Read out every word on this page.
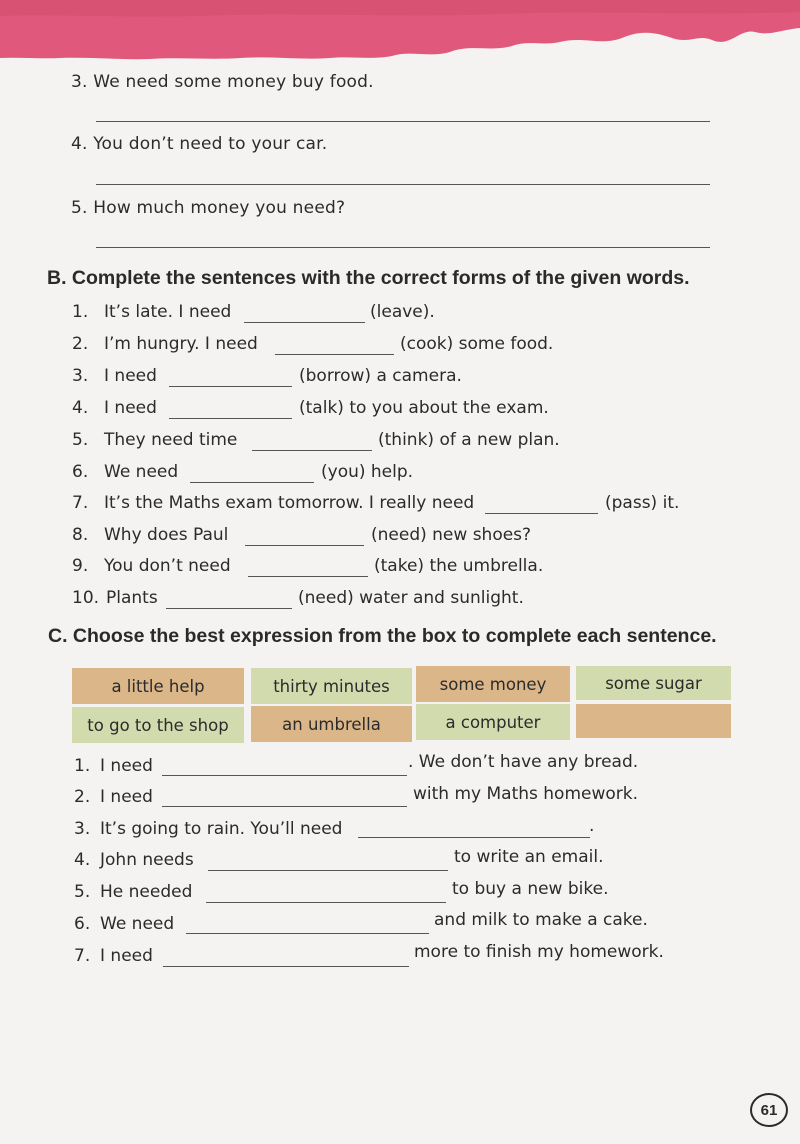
3. We need some money buy food.
4. You don’t need to your car.
5. How much money you need?
B. Complete the sentences with the correct forms of the given words.
1. It’s late. I need	(leave).
2. I’m hungry. I need	(cook) some food.
3. I need	(borrow) a camera.
4. I need	(talk) to you about the exam.
5. They need time	(think) of a new plan.
6. We need	(you) help.
7. It’s the Maths exam tomorrow. I really need	(pass) it.
8. Why does Paul	(need) new shoes?
9. You don’t need	(take) the umbrella.
10. Plants	(need) water and sunlight.
C. Choose the best expression from the box to complete each sentence.
a little help	thirty minutes	some money	some sugar
to go to the shop	an umbrella	a computer
1. I need	. We don’t have any bread.
2. I need	with my Maths homework.
3. It’s going to rain. You’ll need	.
4. John needs	to write an email.
5. He needed	to buy a new bike.
6. We need	and milk to make a cake.
7. I need	more to finish my homework.
61
